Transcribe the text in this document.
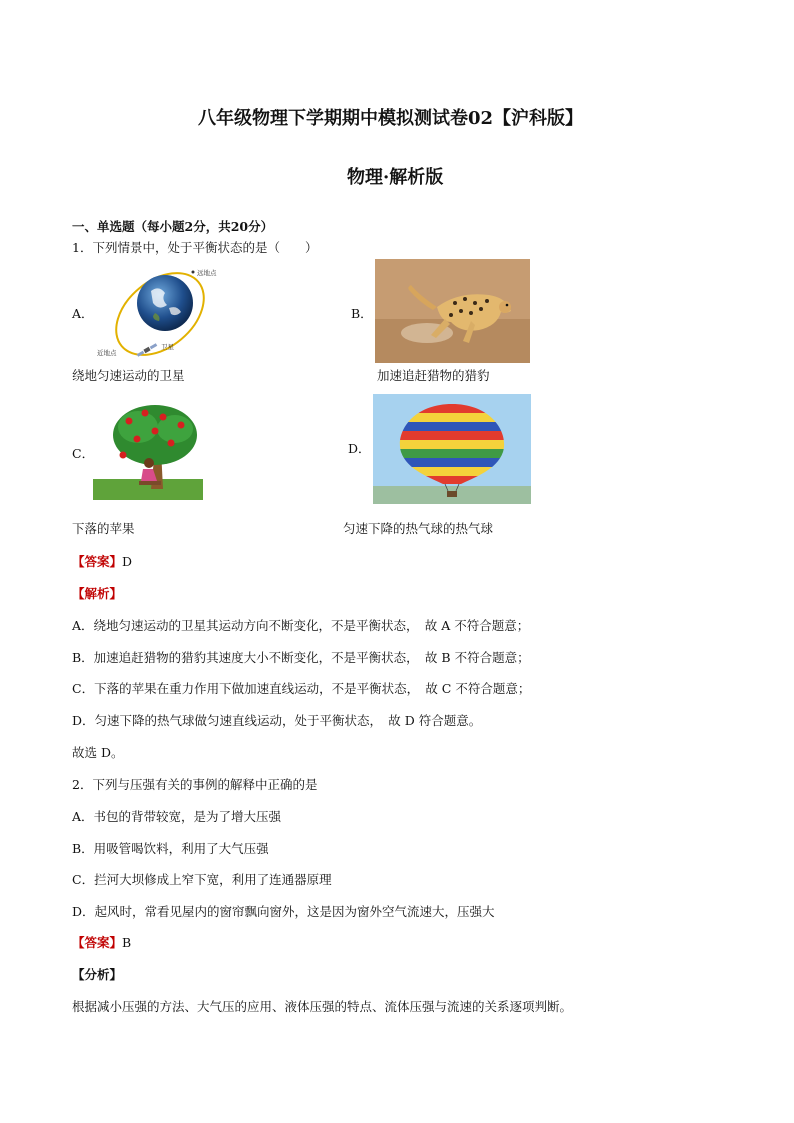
八年级物理下学期期中模拟测试卷02【沪科版】
物理·解析版
一、单选题（每小题2分，共20分）
1．下列情景中，处于平衡状态的是（　　）
A．
远地点
近地点
卫星
绕地匀速运动的卫星
B．
加速追赶猎物的猎豹
C．
下落的苹果
D．
匀速下降的热气球的热气球
【答案】D
【解析】
A．绕地匀速运动的卫星其运动方向不断变化，不是平衡状态，　故 A 不符合题意；
B．加速追赶猎物的猎豹其速度大小不断变化，不是平衡状态，　故 B 不符合题意；
C．下落的苹果在重力作用下做加速直线运动，不是平衡状态，　故 C 不符合题意；
D．匀速下降的热气球做匀速直线运动，处于平衡状态，　故 D 符合题意。
故选 D。
2．下列与压强有关的事例的解释中正确的是
A．书包的背带较宽，是为了增大压强
B．用吸管喝饮料，利用了大气压强
C．拦河大坝修成上窄下宽，利用了连通器原理
D．起风时，常看见屋内的窗帘飘向窗外，这是因为窗外空气流速大，压强大
【答案】B
【分析】
根据减小压强的方法、大气压的应用、液体压强的特点、流体压强与流速的关系逐项判断。
